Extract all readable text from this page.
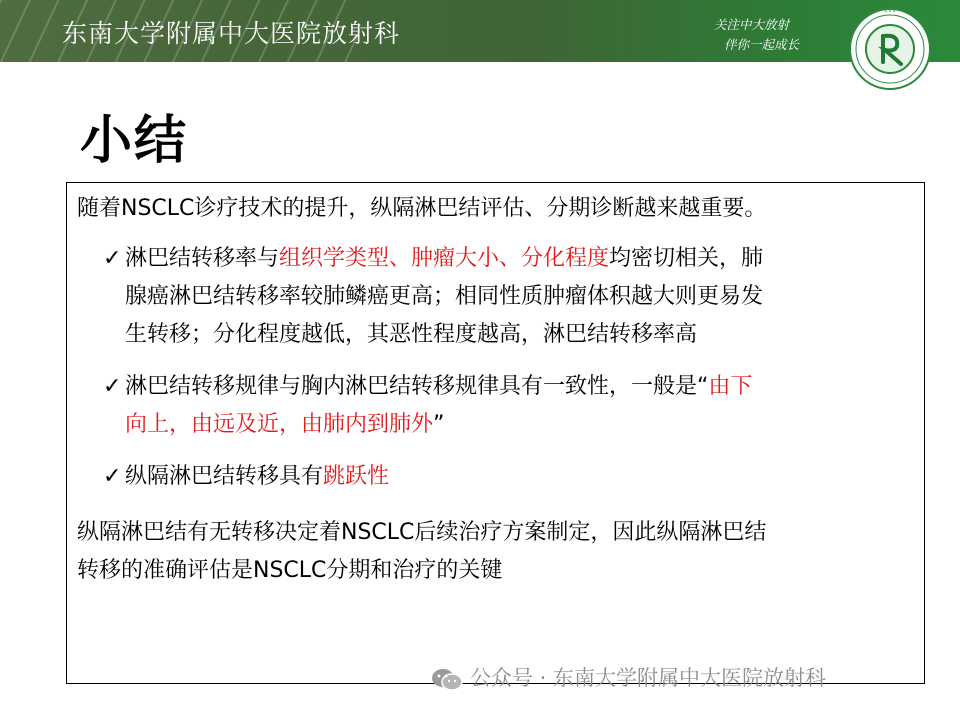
东南大学附属中大医院放射科	关注中大放射
伴你一起成长
* * *
小结
随着NSCLC诊疗技术的提升，纵隔淋巴结评估、分期诊断越来越重要。
✓ 淋巴结转移率与组织学类型、肿瘤大小、分化程度均密切相关，肺
腺癌淋巴结转移率较肺鳞癌更高；相同性质肿瘤体积越大则更易发
生转移；分化程度越低，其恶性程度越高，淋巴结转移率高
✓ 淋巴结转移规律与胸内淋巴结转移规律具有一致性，一般是“由下
向上，由远及近，由肺内到肺外”
✓ 纵隔淋巴结转移具有跳跃性
纵隔淋巴结有无转移决定着NSCLC后续治疗方案制定，因此纵隔淋巴结
转移的准确评估是NSCLC分期和治疗的关键
公众号 · 东南大学附属中大医院放射科
